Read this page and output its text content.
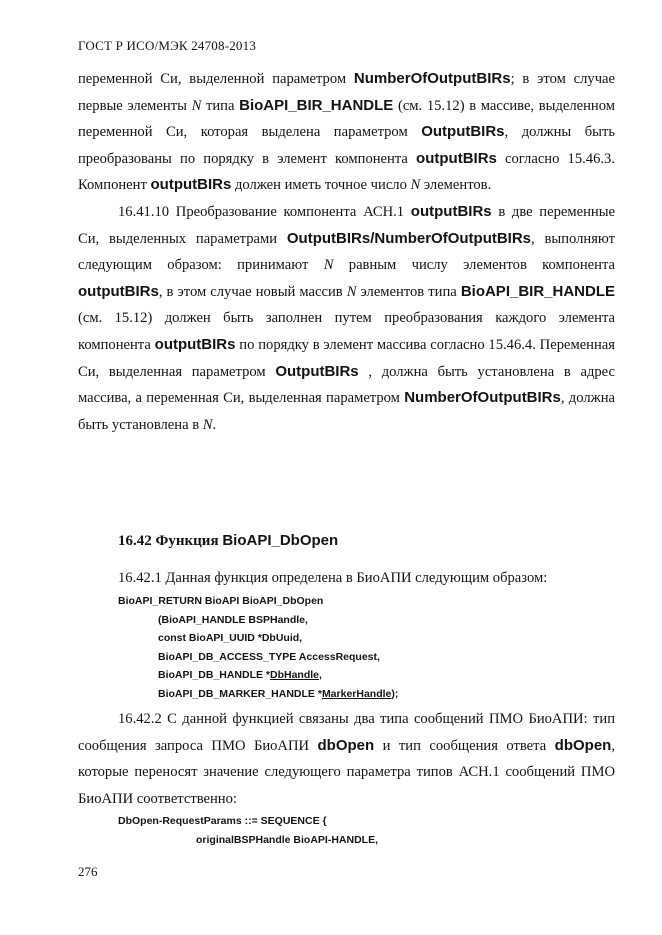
ГОСТ Р ИСО/МЭК 24708-2013

переменной Си, выделенной параметром NumberOfOutputBIRs; в этом случае первые элементы N типа BioAPI_BIR_HANDLE (см. 15.12) в массиве, выделенном переменной Си, которая выделена параметром OutputBIRs, должны быть преобразованы по порядку в элемент компонента outputBIRs согласно 15.46.3. Компонент outputBIRs должен иметь точное число N элементов.

16.41.10 Преобразование компонента АСН.1 outputBIRs в две переменные Си, выделенных параметрами OutputBIRs/NumberOfOutputBIRs, выполняют следующим образом: принимают N равным числу элементов компонента outputBIRs, в этом случае новый массив N элементов типа BioAPI_BIR_HANDLE (см. 15.12) должен быть заполнен путем преобразования каждого элемента компонента outputBIRs по порядку в элемент массива согласно 15.46.4. Переменная Си, выделенная параметром OutputBIRs , должна быть установлена в адрес массива, а переменная Си, выделенная параметром NumberOfOutputBIRs, должна быть установлена в N.

16.42 Функция BioAPI_DbOpen

16.42.1 Данная функция определена в БиоАПИ следующим образом:

BioAPI_RETURN BioAPI BioAPI_DbOpen
(BioAPI_HANDLE BSPHandle,
const BioAPI_UUID *DbUuid,
BioAPI_DB_ACCESS_TYPE AccessRequest,
BioAPI_DB_HANDLE *DbHandle,
BioAPI_DB_MARKER_HANDLE *MarkerHandle);

16.42.2 С данной функцией связаны два типа сообщений ПМО БиоАПИ: тип сообщения запроса ПМО БиоАПИ dbOpen и тип сообщения ответа dbOpen, которые переносят значение следующего параметра типов АСН.1 сообщений ПМО БиоАПИ соответственно:

DbOpen-RequestParams ::= SEQUENCE {
originalBSPHandle BioAPI-HANDLE,
276
